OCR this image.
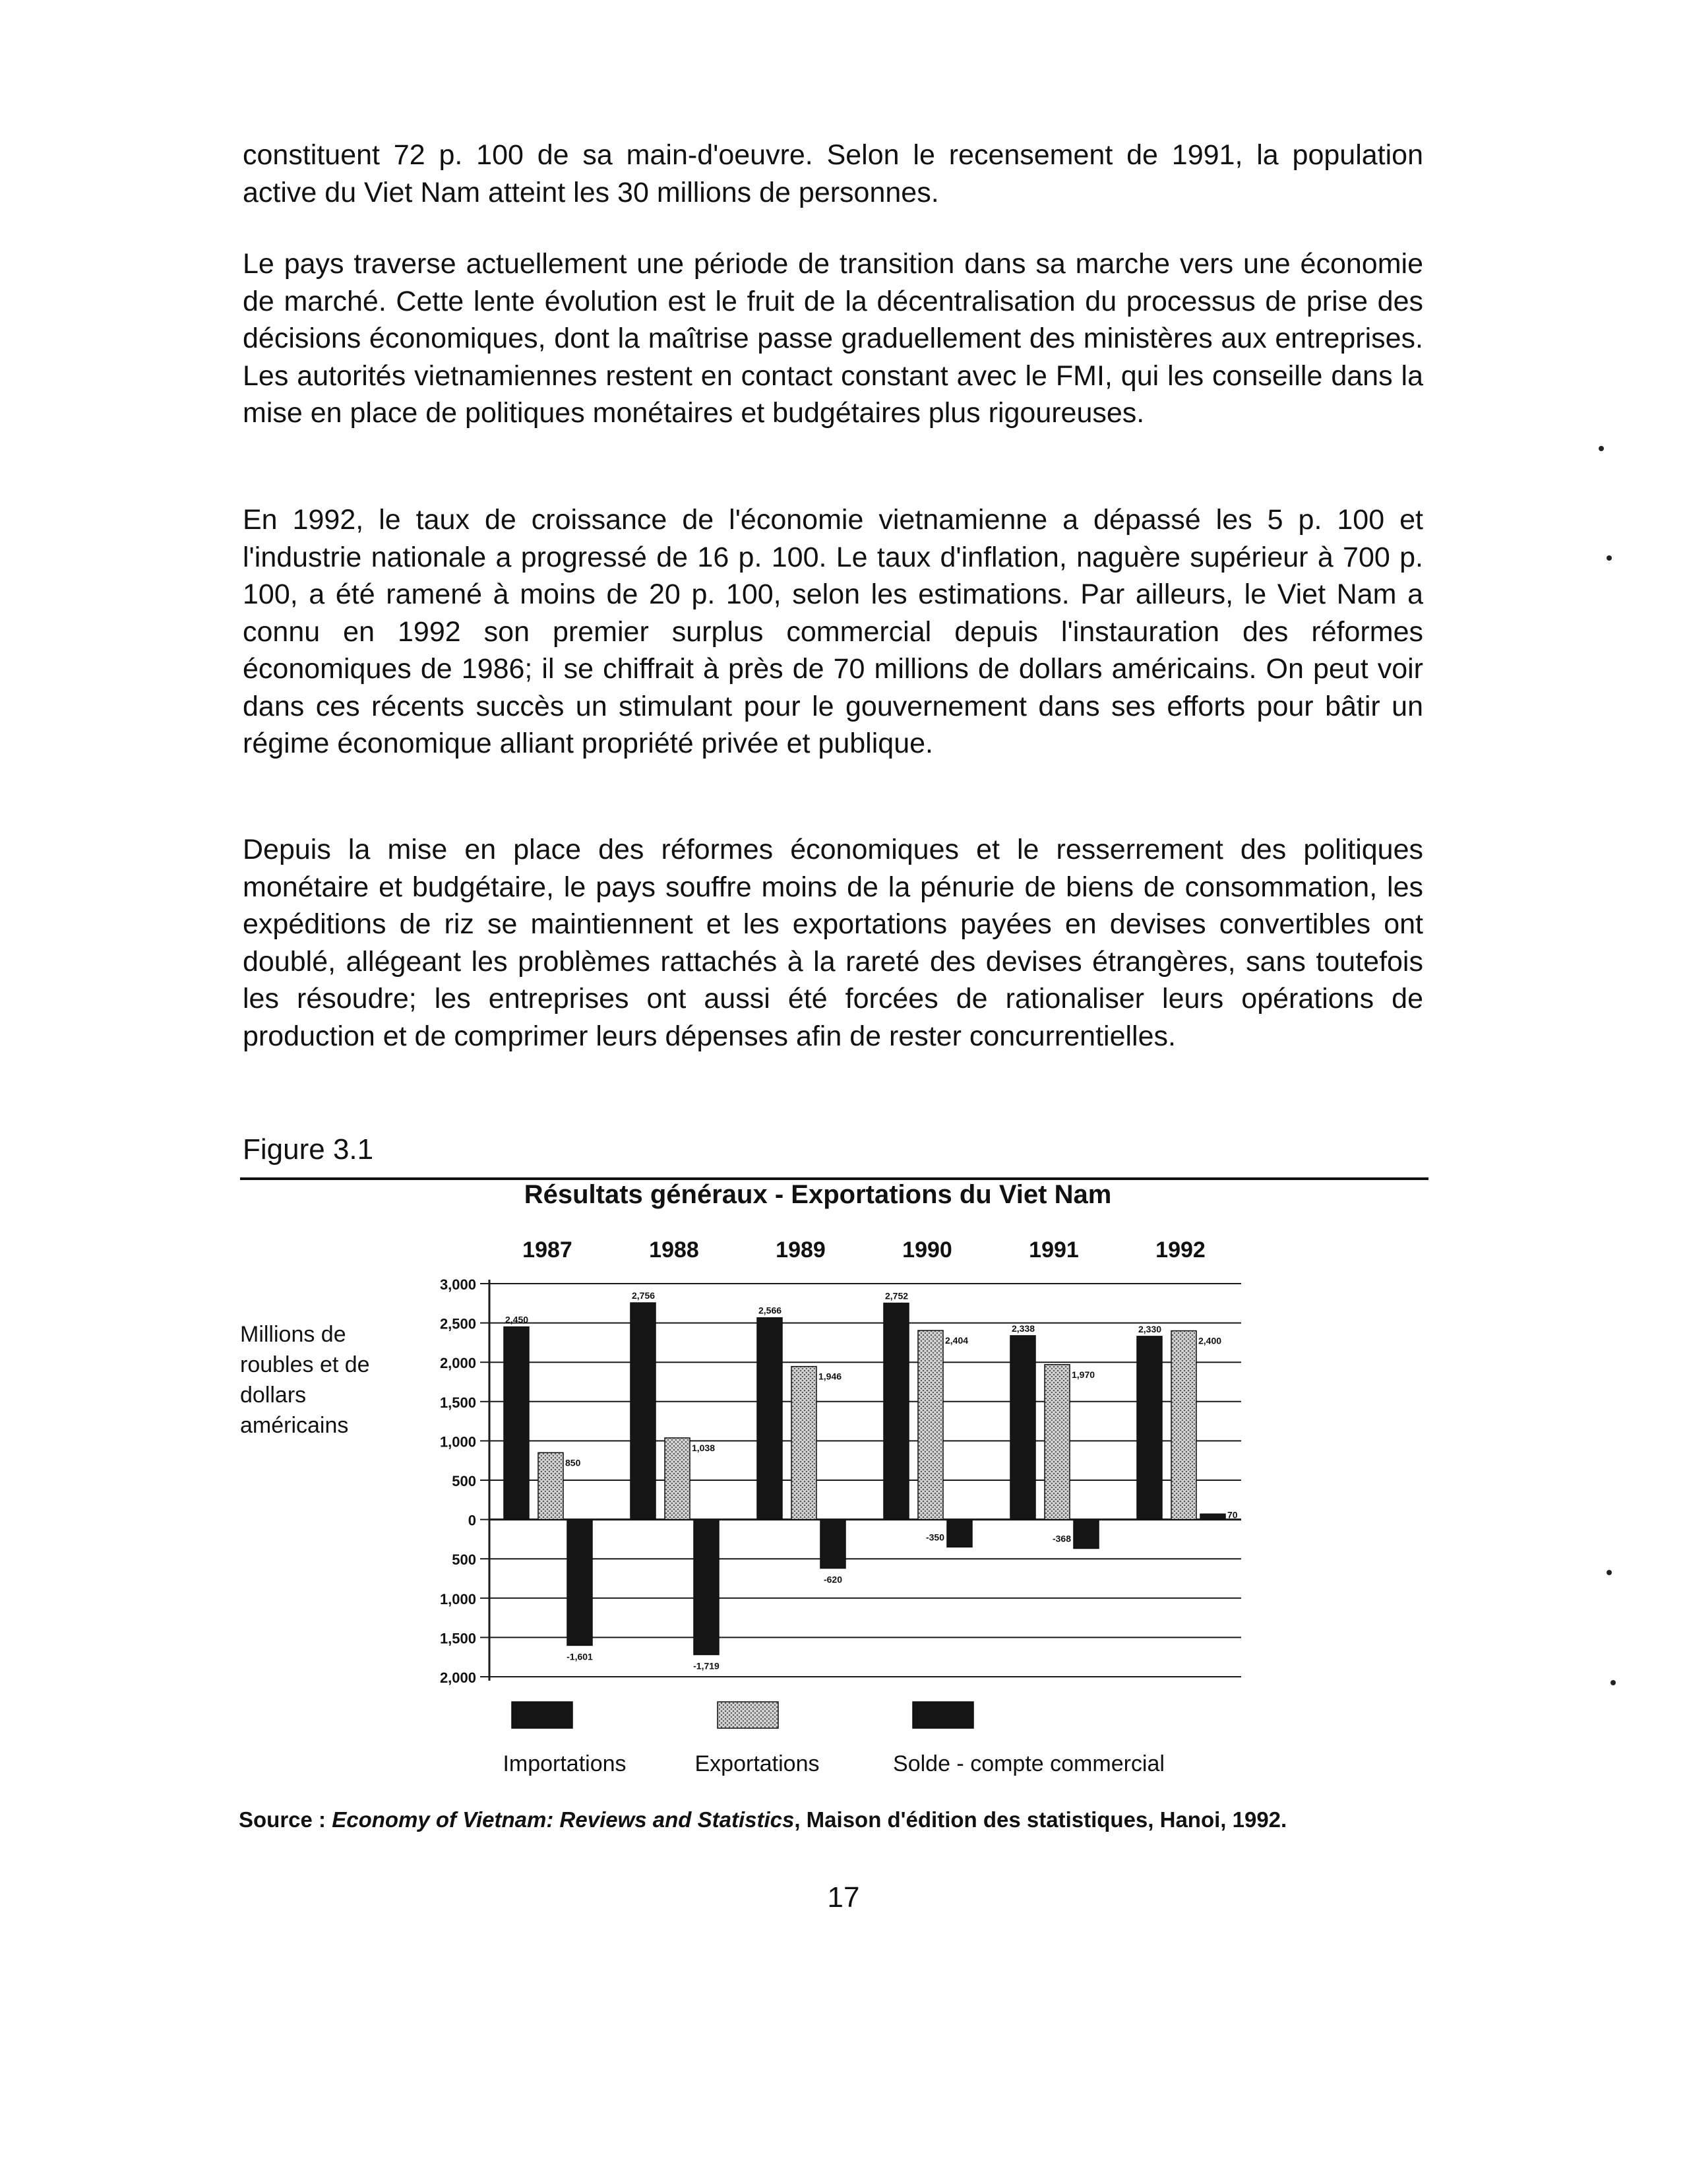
constituent 72 p. 100 de sa main-d'oeuvre. Selon le recensement de 1991, la population active du Viet Nam atteint les 30 millions de personnes.

Le pays traverse actuellement une période de transition dans sa marche vers une économie de marché. Cette lente évolution est le fruit de la décentralisation du processus de prise des décisions économiques, dont la maîtrise passe graduellement des ministères aux entreprises. Les autorités vietnamiennes restent en contact constant avec le FMI, qui les conseille dans la mise en place de politiques monétaires et budgétaires plus rigoureuses.

En 1992, le taux de croissance de l'économie vietnamienne a dépassé les 5 p. 100 et l'industrie nationale a progressé de 16 p. 100. Le taux d'inflation, naguère supérieur à 700 p. 100, a été ramené à moins de 20 p. 100, selon les estimations. Par ailleurs, le Viet Nam a connu en 1992 son premier surplus commercial depuis l'instauration des réformes économiques de 1986; il se chiffrait à près de 70 millions de dollars américains. On peut voir dans ces récents succès un stimulant pour le gouvernement dans ses efforts pour bâtir un régime économique alliant propriété privée et publique.

Depuis la mise en place des réformes économiques et le resserrement des politiques monétaire et budgétaire, le pays souffre moins de la pénurie de biens de consommation, les expéditions de riz se maintiennent et les exportations payées en devises convertibles ont doublé, allégeant les problèmes rattachés à la rareté des devises étrangères, sans toutefois les résoudre; les entreprises ont aussi été forcées de rationaliser leurs opérations de production et de comprimer leurs dépenses afin de rester concurrentielles.

Figure 3.1
Résultats généraux - Exportations du Viet Nam
Millions de roubles et de dollars américains
3,000
2,500
2,000
1,500
1,000
500
0
500
1,000
1,500
2,000
1987	1988	1989	1990	1991	1992
2,450
2,756
2,566
2,752
2,338	2,330
850
1,038
1,946
2,404
1,970
2,400
-1,601
-1,719
-620
-350	-368
70
Importations	Exportations	Solde - compte commercial
Source : Economy of Vietnam: Reviews and Statistics, Maison d'édition des statistiques, Hanoi, 1992.
17
